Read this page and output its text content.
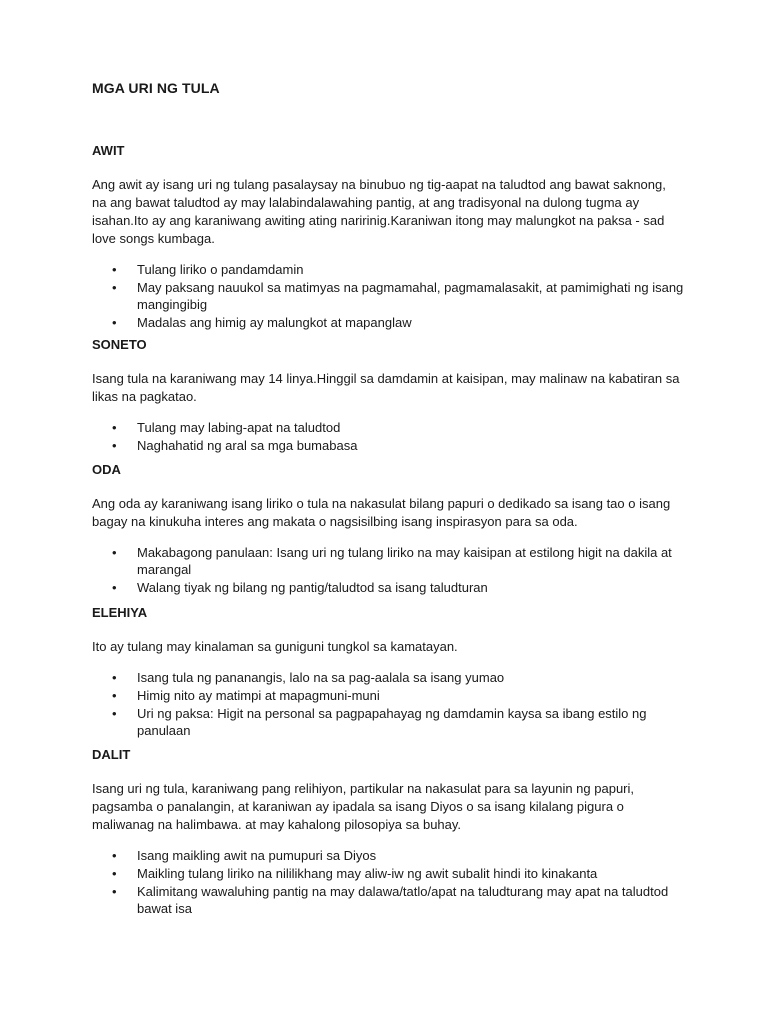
MGA URI NG TULA
AWIT

Ang awit ay isang uri ng tulang pasalaysay na binubuo ng tig-aapat na taludtod ang bawat saknong, na ang bawat taludtod ay may lalabindalawahing pantig, at ang tradisyonal na dulong tugma ay isahan.Ito ay ang karaniwang awiting ating naririnig.Karaniwan itong may malungkot na paksa - sad love songs kumbaga.

• Tulang liriko o pandamdamin
• May paksang nauukol sa matimyas na pagmamahal, pagmamalasakit, at pamimighati ng isang mangingibig
• Madalas ang himig ay malungkot at mapanglaw
SONETO

Isang tula na karaniwang may 14 linya.Hinggil sa damdamin at kaisipan, may malinaw na kabatiran sa likas na pagkatao.

• Tulang may labing-apat na taludtod
• Naghahatid ng aral sa mga bumabasa
ODA

Ang oda ay karaniwang isang liriko o tula na nakasulat bilang papuri o dedikado sa isang tao o isang bagay na kinukuha interes ang makata o nagsisilbing isang inspirasyon para sa oda.

• Makabagong panulaan: Isang uri ng tulang liriko na may kaisipan at estilong higit na dakila at marangal
• Walang tiyak ng bilang ng pantig/taludtod sa isang taludturan
ELEHIYA

Ito ay tulang may kinalaman sa guniguni tungkol sa kamatayan.

• Isang tula ng pananangis, lalo na sa pag-aalala sa isang yumao
• Himig nito ay matimpi at mapagmuni-muni
• Uri ng paksa: Higit na personal sa pagpapahayag ng damdamin kaysa sa ibang estilo ng panulaan
DALIT

Isang uri ng tula, karaniwang pang relihiyon, partikular na nakasulat para sa layunin ng papuri, pagsamba o panalangin, at karaniwan ay ipadala sa isang Diyos o sa isang kilalang pigura o maliwanag na halimbawa. at may kahalong pilosopiya sa buhay.

• Isang maikling awit na pumupuri sa Diyos
• Maikling tulang liriko na nililikhang may aliw-iw ng awit subalit hindi ito kinakanta
• Kalimitang wawaluhing pantig na may dalawa/tatlo/apat na taludturang may apat na taludtod bawat isa
